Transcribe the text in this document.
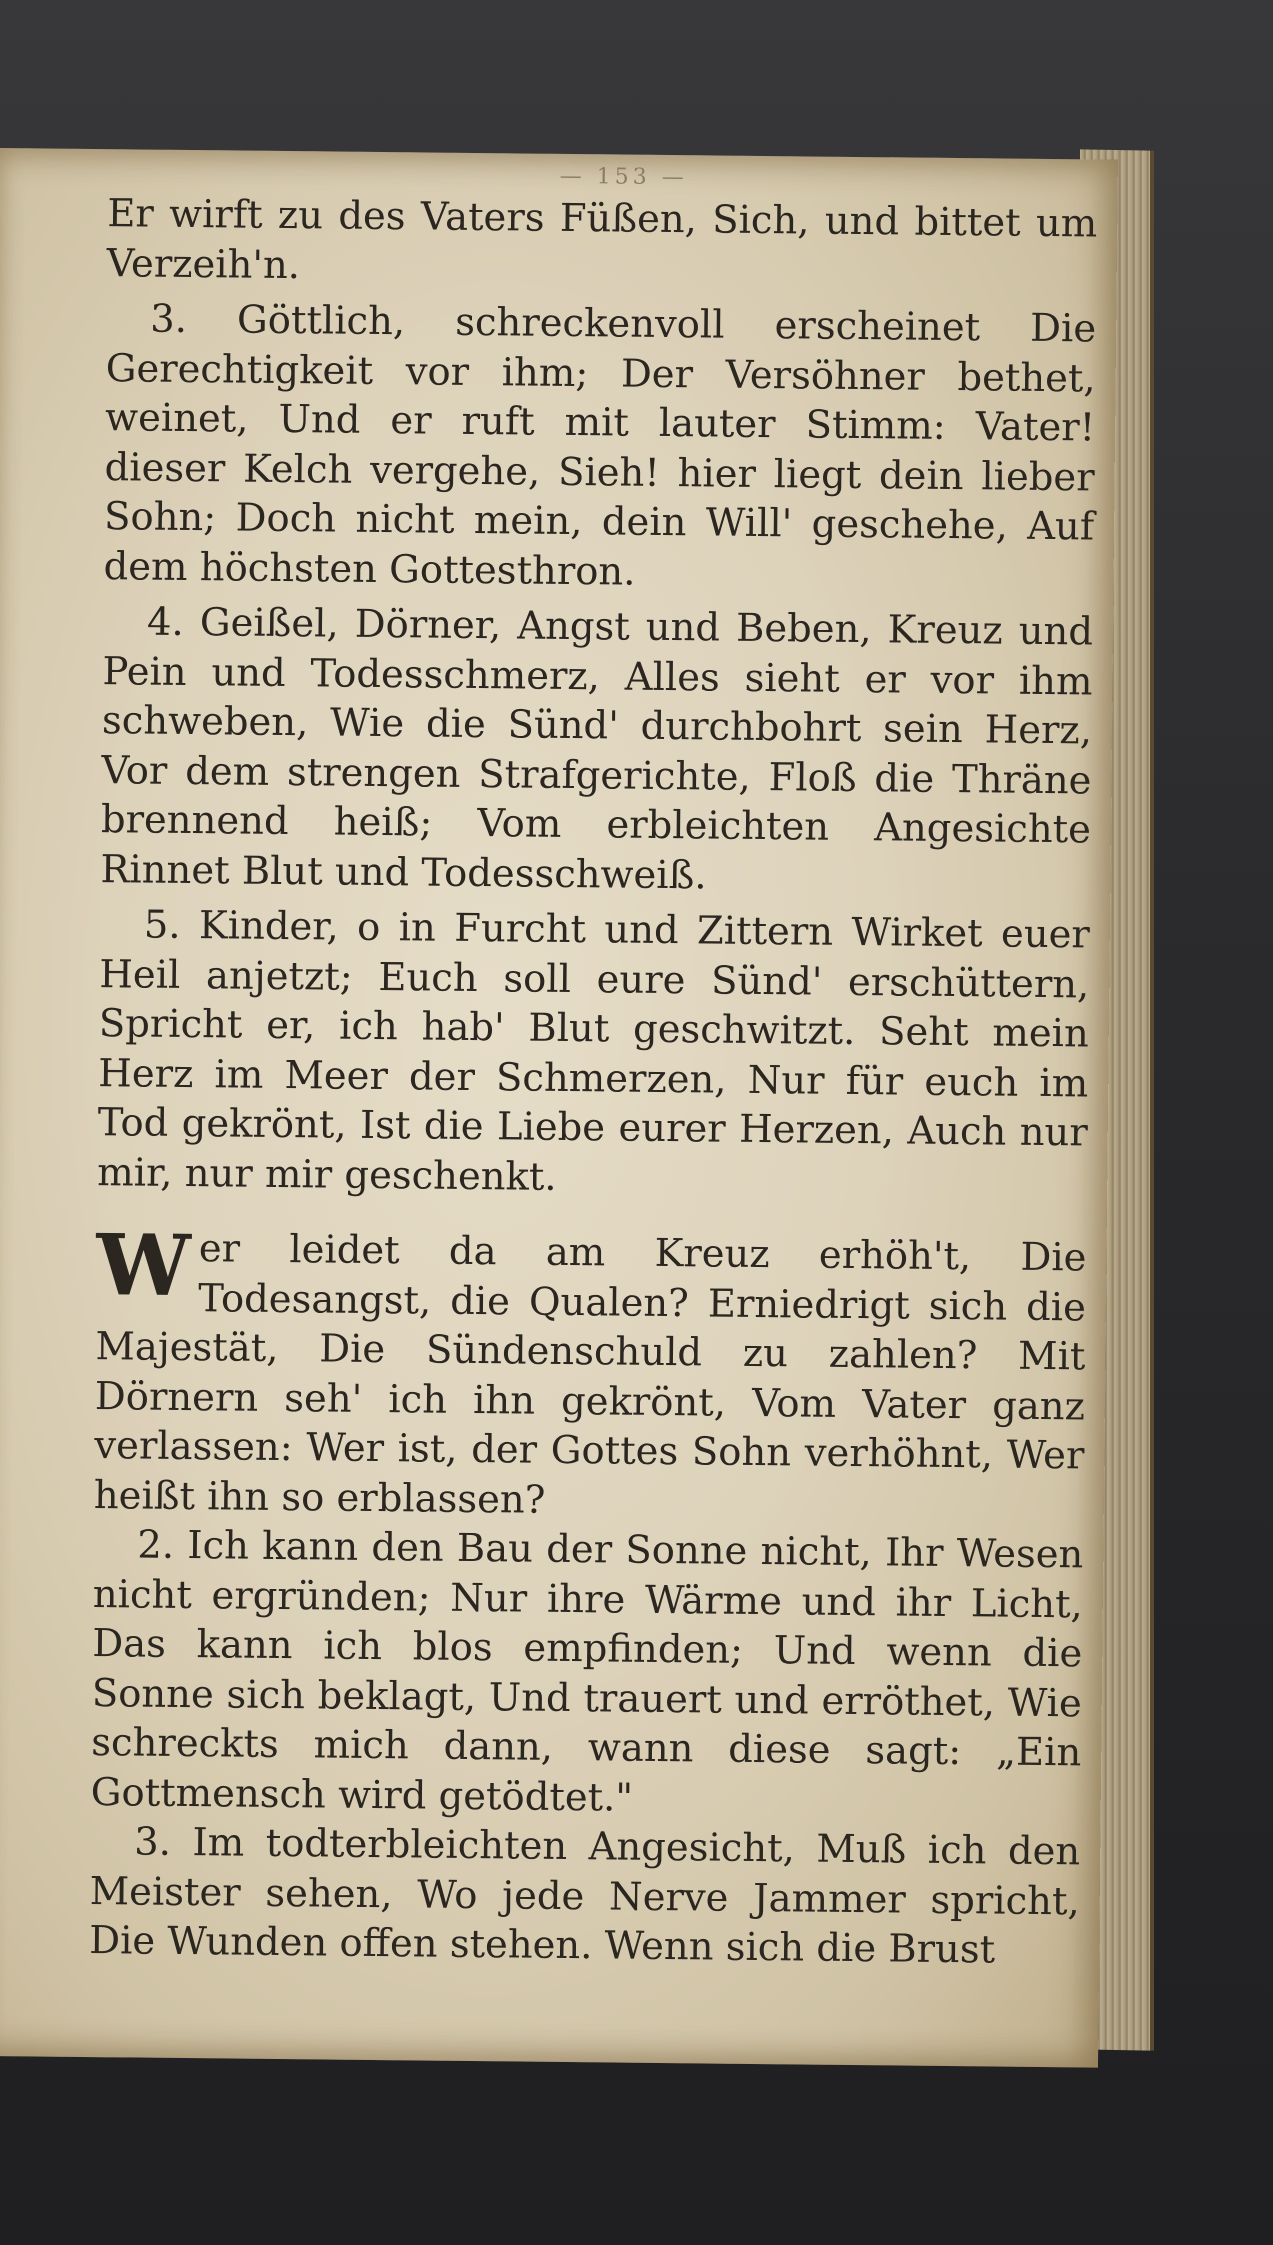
— 153 —

Er wirft zu des Vaters Füßen, Sich, und bittet um Verzeih'n.

3. Göttlich, schreckenvoll erscheinet Die Gerechtigkeit vor ihm; Der Versöhner bethet, weinet, Und er ruft mit lauter Stimm: Vater! dieser Kelch vergehe, Sieh! hier liegt dein lieber Sohn; Doch nicht mein, dein Will' geschehe, Auf dem höchsten Gottesthron.

4. Geißel, Dörner, Angst und Beben, Kreuz und Pein und Todesschmerz, Alles sieht er vor ihm schweben, Wie die Sünd' durchbohrt sein Herz, Vor dem strengen Strafgerichte, Floß die Thräne brennend heiß; Vom erbleichten Angesichte Rinnet Blut und Todesschweiß.

5. Kinder, o in Furcht und Zittern Wirket euer Heil anjetzt; Euch soll eure Sünd' erschüttern, Spricht er, ich hab' Blut geschwitzt. Seht mein Herz im Meer der Schmerzen, Nur für euch im Tod gekrönt, Ist die Liebe eurer Herzen, Auch nur mir, nur mir geschenkt.

Wer leidet da am Kreuz erhöh't, Die Todesangst, die Qualen? Erniedrigt sich die Majestät, Die Sündenschuld zu zahlen? Mit Dörnern seh' ich ihn gekrönt, Vom Vater ganz verlassen: Wer ist, der Gottes Sohn verhöhnt, Wer heißt ihn so erblassen?

2. Ich kann den Bau der Sonne nicht, Ihr Wesen nicht ergründen; Nur ihre Wärme und ihr Licht, Das kann ich blos empfinden; Und wenn die Sonne sich beklagt, Und trauert und erröthet, Wie schreckts mich dann, wann diese sagt: „Ein Gottmensch wird getödtet."

3. Im todterbleichten Angesicht, Muß ich den Meister sehen, Wo jede Nerve Jammer spricht, Die Wunden offen stehen. Wenn sich die Brust
